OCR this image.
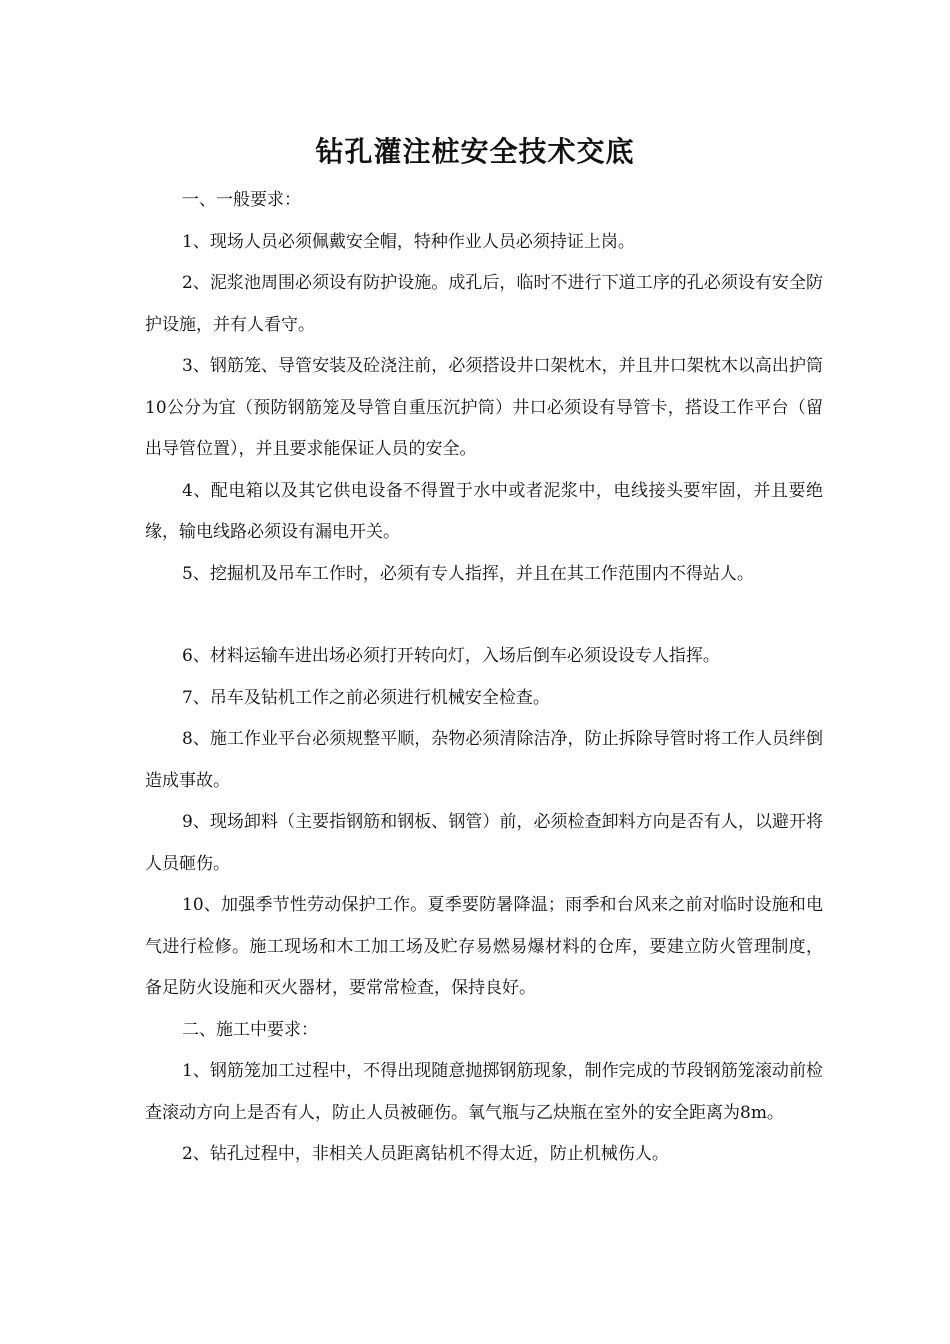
钻孔灌注桩安全技术交底

一、一般要求：

1、现场人员必须佩戴安全帽，特种作业人员必须持证上岗。

2、泥浆池周围必须设有防护设施。成孔后，临时不进行下道工序的孔必须设有安全防护设施，并有人看守。

3、钢筋笼、导管安装及砼浇注前，必须搭设井口架枕木，并且井口架枕木以高出护筒10公分为宜（预防钢筋笼及导管自重压沉护筒）井口必须设有导管卡，搭设工作平台（留出导管位置），并且要求能保证人员的安全。

4、配电箱以及其它供电设备不得置于水中或者泥浆中，电线接头要牢固，并且要绝缘，输电线路必须设有漏电开关。

5、挖掘机及吊车工作时，必须有专人指挥，并且在其工作范围内不得站人。

6、材料运输车进出场必须打开转向灯，入场后倒车必须设设专人指挥。

7、吊车及钻机工作之前必须进行机械安全检查。

8、施工作业平台必须规整平顺，杂物必须清除洁净，防止拆除导管时将工作人员绊倒造成事故。

9、现场卸料（主要指钢筋和钢板、钢管）前，必须检查卸料方向是否有人，以避开将人员砸伤。

10、加强季节性劳动保护工作。夏季要防暑降温；雨季和台风来之前对临时设施和电气进行检修。施工现场和木工加工场及贮存易燃易爆材料的仓库，要建立防火管理制度，备足防火设施和灭火器材，要常常检查，保持良好。

二、施工中要求：

1、钢筋笼加工过程中，不得出现随意抛掷钢筋现象，制作完成的节段钢筋笼滚动前检查滚动方向上是否有人，防止人员被砸伤。氧气瓶与乙炔瓶在室外的安全距离为8m。

2、钻孔过程中，非相关人员距离钻机不得太近，防止机械伤人。
